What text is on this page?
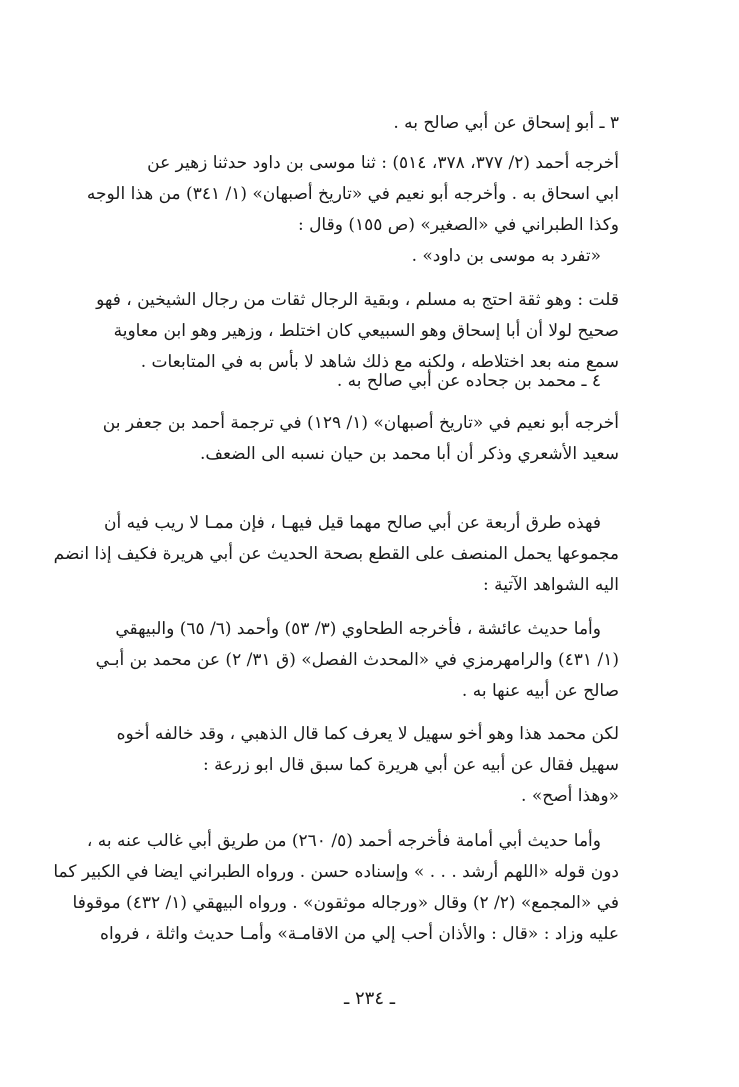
٣ ـ أبو إسحاق عن أبي صالح به .

أخرجه أحمد (٢/ ٣٧٧، ٣٧٨، ٥١٤) : ثنا موسى بن داود حدثنا زهير عن
ابي اسحاق به . وأخرجه أبو نعيم في «تاريخ أصبهان» (١/ ٣٤١) من هذا الوجه
وكذا الطبراني في «الصغير» (ص ١٥٥) وقال :
«تفرد به موسى بن داود» .

قلت : وهو ثقة احتج به مسلم ، وبقية الرجال ثقات من رجال الشيخين ، فهو
صحيح لولا أن أبا إسحاق وهو السبيعي كان اختلط ، وزهير وهو ابن معاوية
سمع منه بعد اختلاطه ، ولكنه مع ذلك شاهد لا بأس به في المتابعات .

٤ ـ محمد بن جحاده عن أبي صالح به .

أخرجه أبو نعيم في «تاريخ أصبهان» (١/ ١٢٩) في ترجمة أحمد بن جعفر بن
سعيد الأشعري وذكر أن أبا محمد بن حيان نسبه الى الضعف.

فهذه طرق أربعة عن أبي صالح مهما قيل فيهـا ، فإن ممـا لا ريب فيه أن
مجموعها يحمل المنصف على القطع بصحة الحديث عن أبي هريرة فكيف إذا انضم
اليه الشواهد الآتية :

وأما حديث عائشة ، فأخرجه الطحاوي (٣/ ٥٣) وأحمد (٦/ ٦٥) والبيهقي
(١/ ٤٣١) والرامهرمزي في «المحدث الفصل» (ق ٣١/ ٢) عن محمد بن أبـي
صالح عن أبيه عنها به .

لكن محمد هذا وهو أخو سهيل لا يعرف كما قال الذهبي ، وقد خالفه أخوه
سهيل فقال عن أبيه عن أبي هريرة كما سبق قال ابو زرعة :
«وهذا أصح» .

وأما حديث أبي أمامة فأخرجه أحمد (٥/ ٢٦٠) من طريق أبي غالب عنه به ،
دون قوله «اللهم أرشد . . . » وإسناده حسن . ورواه الطبراني ايضا في الكبير كما
في «المجمع» (٢/ ٢) وقال «ورجاله موثقون» . ورواه البيهقي (١/ ٤٣٢) موقوفا
عليه وزاد : «قال : والأذان أحب إلي من الاقامـة» وأمـا حديث واثلة ، فرواه

ـ ٢٣٤ ـ
